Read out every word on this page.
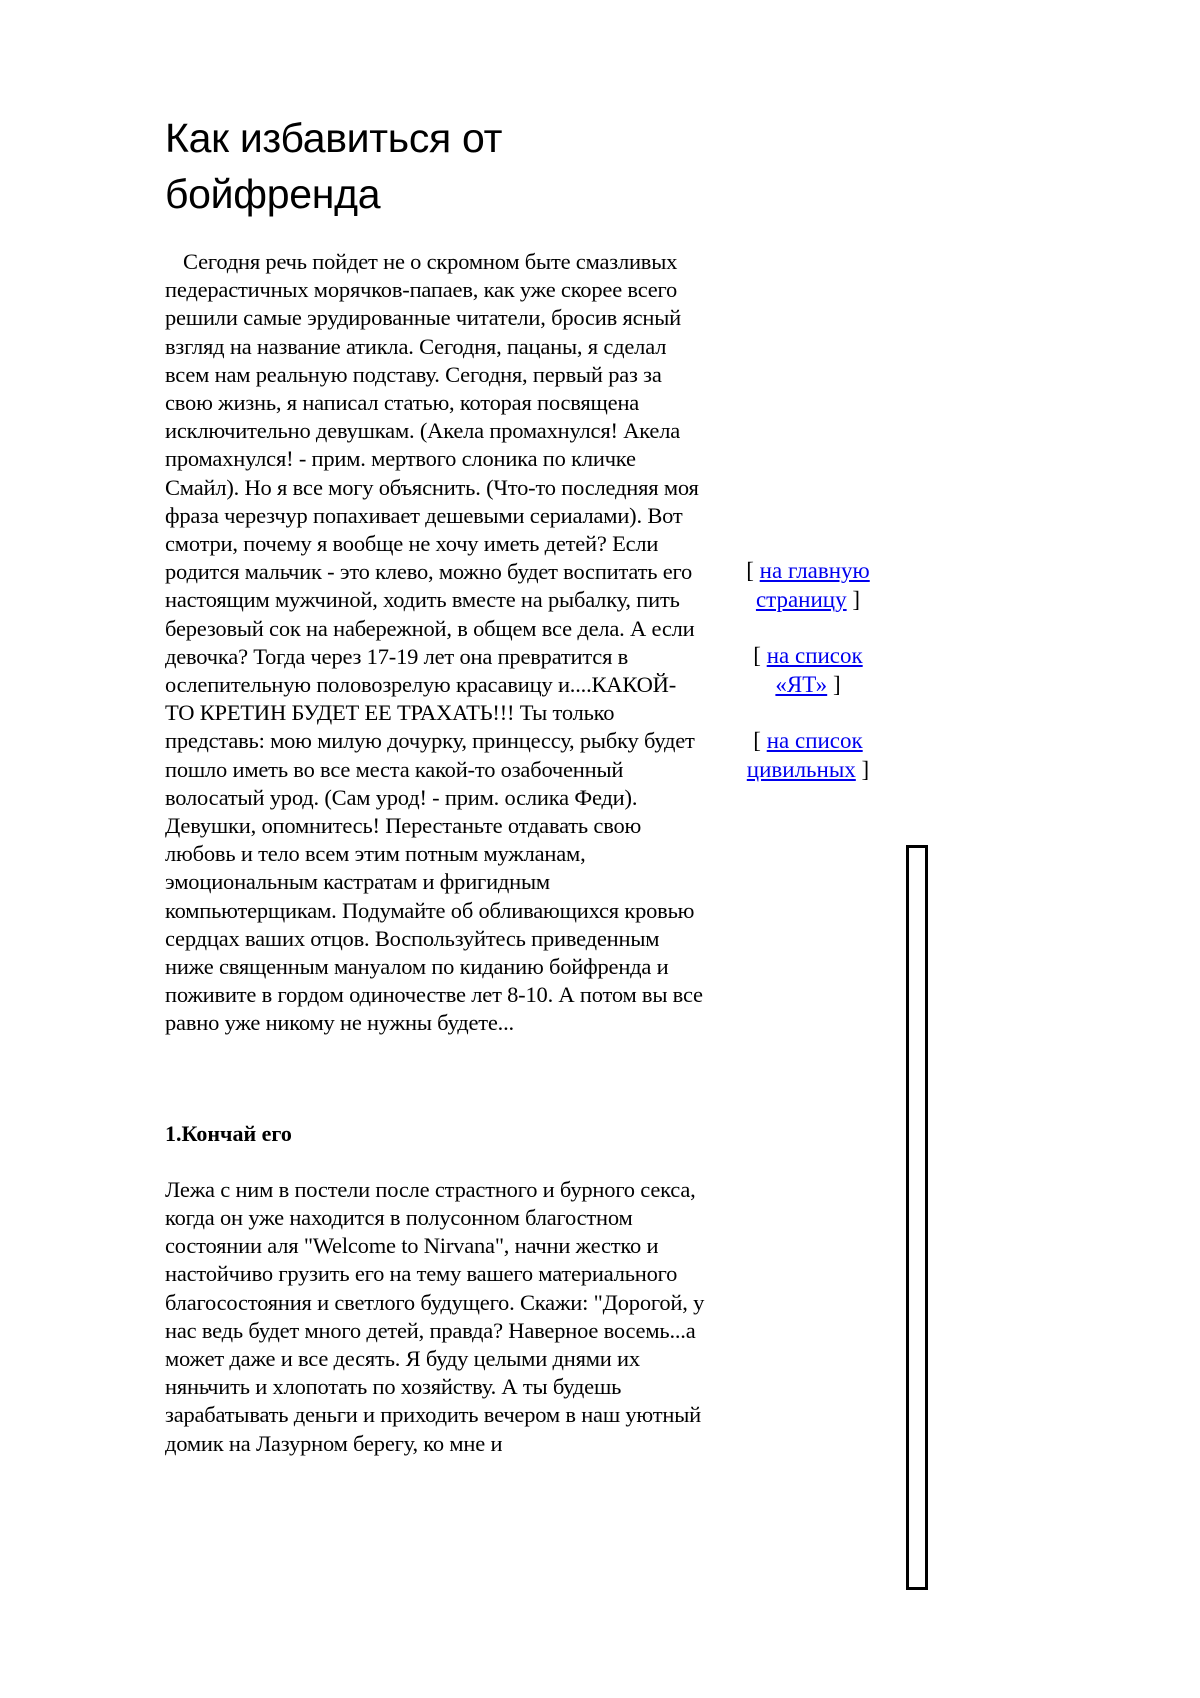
Как избавиться от бойфренда

Сегодня речь пойдет не о скромном быте смазливых педерастичных морячков-папаев, как уже скорее всего решили самые эрудированные читатели, бросив ясный взгляд на название атикла. Сегодня, пацаны, я сделал всем нам реальную подставу. Сегодня, первый раз за свою жизнь, я написал статью, которая посвящена исключительно девушкам. (Акела промахнулся! Акела промахнулся! - прим. мертвого слоника по кличке Смайл). Но я все могу объяснить. (Что-то последняя моя фраза черезчур попахивает дешевыми сериалами). Вот смотри, почему я вообще не хочу иметь детей? Если родится мальчик - это клево, можно будет воспитать его настоящим мужчиной, ходить вместе на рыбалку, пить березовый сок на набережной, в общем все дела. А если девочка? Тогда через 17-19 лет она превратится в ослепительную половозрелую красавицу и....КАКОЙ-ТО КРЕТИН БУДЕТ ЕЕ ТРАХАТЬ!!! Ты только представь: мою милую дочурку, принцессу, рыбку будет пошло иметь во все места какой-то озабоченный волосатый урод. (Сам урод! - прим. ослика Феди). Девушки, опомнитесь! Перестаньте отдавать свою любовь и тело всем этим потным мужланам, эмоциональным кастратам и фригидным компьютерщикам. Подумайте об обливающихся кровью сердцах ваших отцов. Воспользуйтесь приведенным ниже священным мануалом по киданию бойфренда и поживите в гордом одиночестве лет 8-10. А потом вы все равно уже никому не нужны будете...

1.Кончай его

Лежа с ним в постели после страстного и бурного секса, когда он уже находится в полусонном благостном состоянии аля "Welcome to Nirvana", начни жестко и настойчиво грузить его на тему вашего материального благосостояния и светлого будущего. Скажи: "Дорогой, у нас ведь будет много детей, правда? Наверное восемь...а может даже и все десять. Я буду целыми днями их няньчить и хлопотать по хозяйству. А ты будешь зарабатывать деньги и приходить вечером в наш уютный домик на Лазурном берегу, ко мне и

[ на главную страницу ]
[ на список «ЯТ» ]
[ на список цивильных ]
